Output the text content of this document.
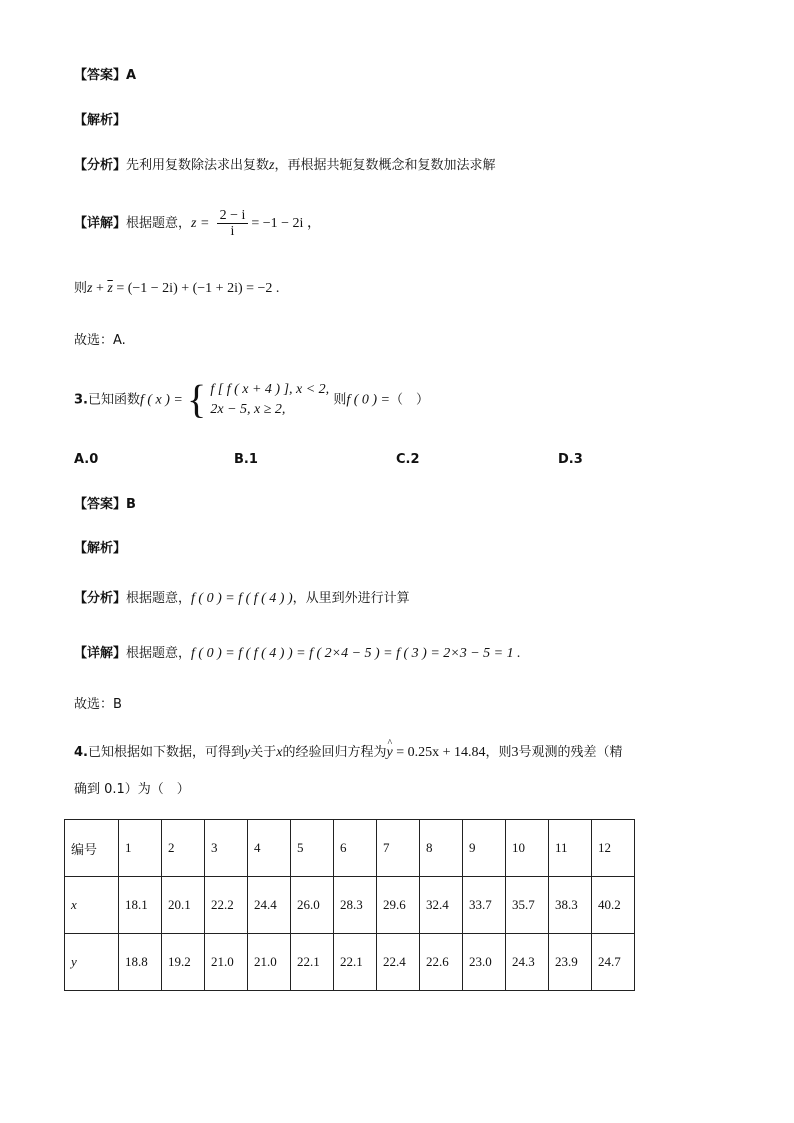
【答案】A
【解析】
【分析】先利用复数除法求出复数z，再根据共轭复数概念和复数加法求解
【详解】根据题意，$z = \frac{2 - i}{i} = -1 - 2i$ ，
则$z + \overline{z} = (-1 - 2i) + (-1 + 2i) = -2$ .
故选：A.
3.已知函数f ( x ) = { f [ f ( x + 4 ) ], x < 2,
2x − 5, x ≥ 2,
则f ( 0 ) =（　）
A.0	B.1	C.2	D.3
【答案】B
【解析】
【分析】根据题意，f ( 0 ) = f ( f ( 4 ) )，从里到外进行计算
【详解】根据题意，f ( 0 ) = f ( f ( 4 ) ) = f ( 2×4 − 5 ) = f ( 3 ) = 2×3 − 5 = 1 .
故选：B
4.已知根据如下数据，可得到y关于x的经验回归方程为^ y = 0.25x + 14.84，则3号观测的残差（精
确到 0.1）为（　）
编号	1	2	3	4	5	6	7	8	9	10	11	12
x	18.1	20.1	22.2	24.4	26.0	28.3	29.6	32.4	33.7	35.7	38.3	40.2
y	18.8	19.2	21.0	21.0	22.1	22.1	22.4	22.6	23.0	24.3	23.9	24.7
